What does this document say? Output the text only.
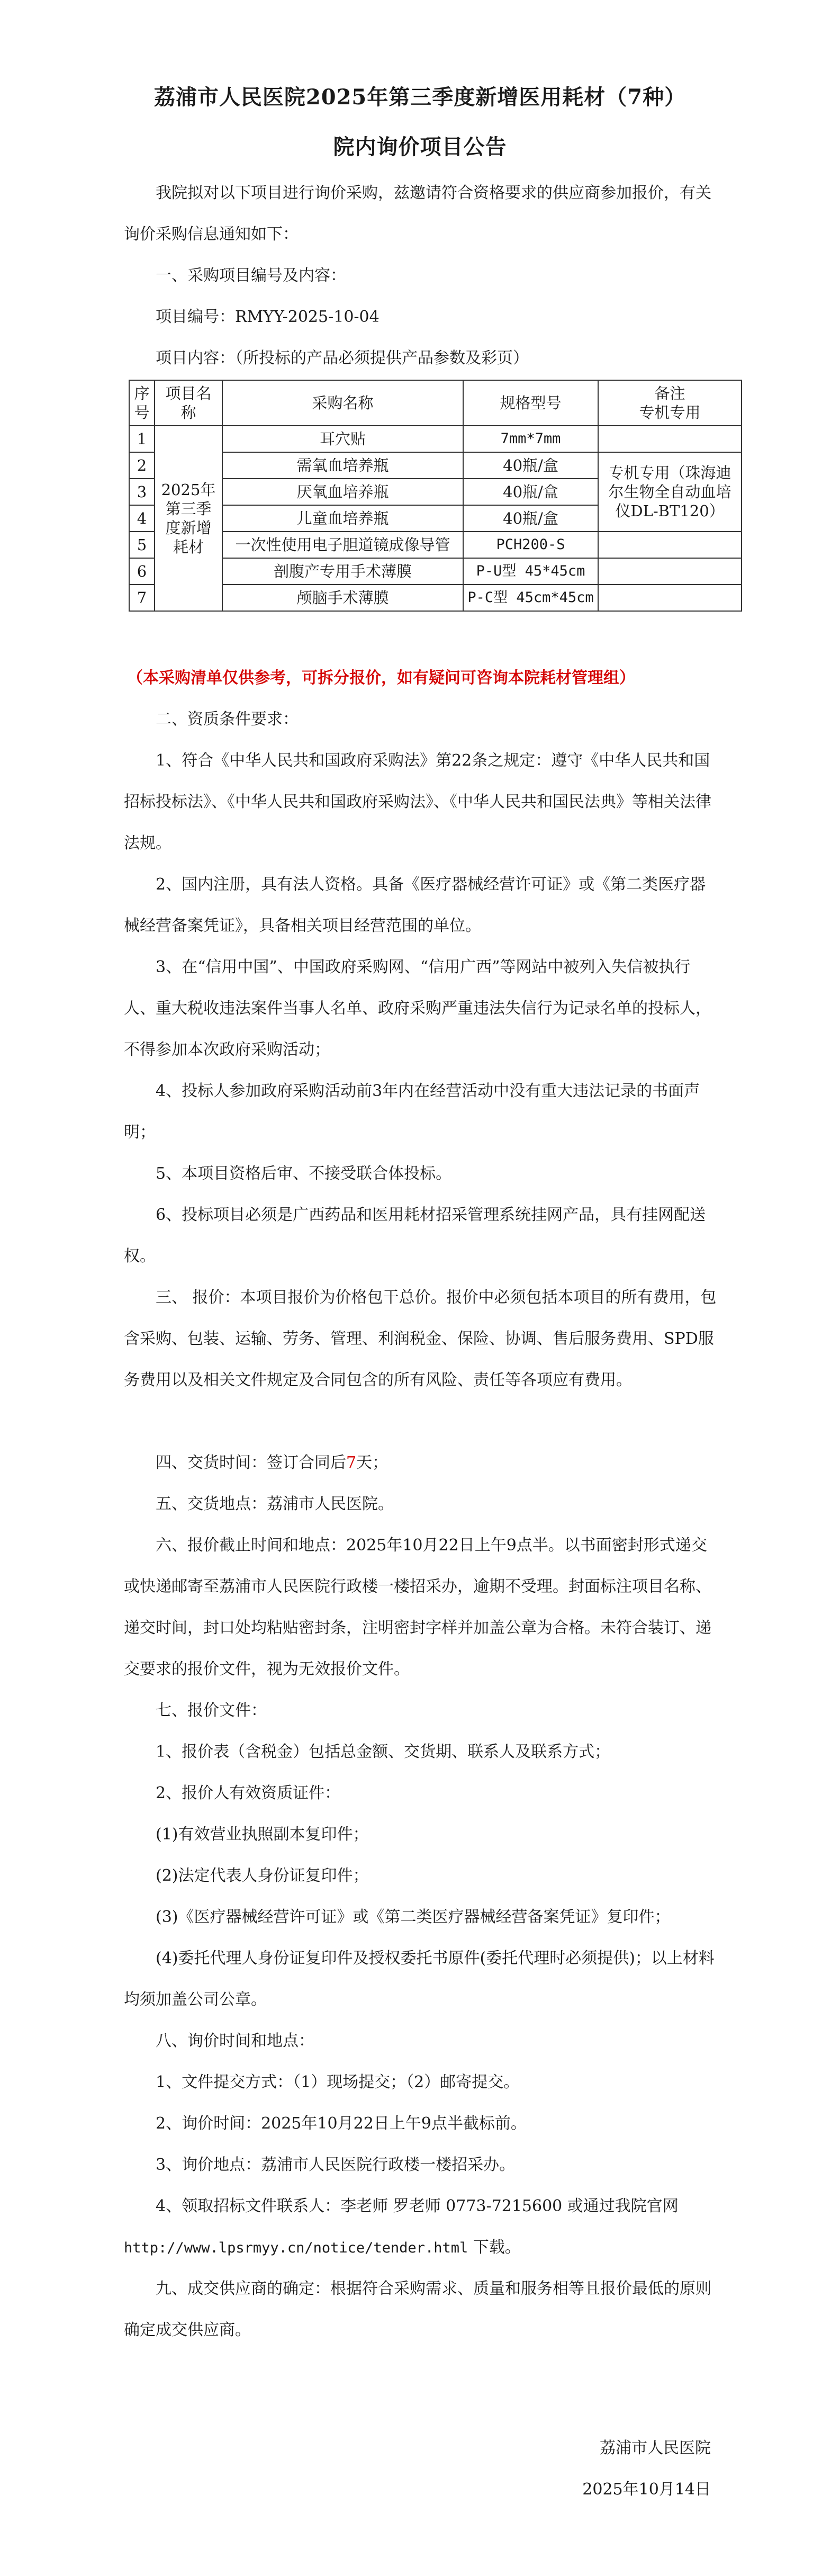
荔浦市人民医院2025年第三季度新增医用耗材（7种）
院内询价项目公告

我院拟对以下项目进行询价采购，兹邀请符合资格要求的供应商参加报价，有关询价采购信息通知如下：

一、采购项目编号及内容：

项目编号：RMYY-2025-10-04

项目内容：（所投标的产品必须提供产品参数及彩页）

序号	项目名称	采购名称	规格型号	备注
专机专用
1	2025年第三季度新增耗材	耳穴贴	7mm*7mm	
2		需氧血培养瓶	40瓶/盒	专机专用（珠海迪尔生物全自动血培仪DL-BT120）
3		厌氧血培养瓶	40瓶/盒	
4		儿童血培养瓶	40瓶/盒	
5		一次性使用电子胆道镜成像导管	PCH200-S	
6		剖腹产专用手术薄膜	P-U型 45*45cm	
7		颅脑手术薄膜	P-C型 45cm*45cm	

（本采购清单仅供参考，可拆分报价，如有疑问可咨询本院耗材管理组）

二、资质条件要求：

1、符合《中华人民共和国政府采购法》第22条之规定：遵守《中华人民共和国招标投标法》、《中华人民共和国政府采购法》、《中华人民共和国民法典》等相关法律法规。

2、国内注册，具有法人资格。具备《医疗器械经营许可证》或《第二类医疗器械经营备案凭证》，具备相关项目经营范围的单位。

3、在“信用中国”、中国政府采购网、“信用广西”等网站中被列入失信被执行人、重大税收违法案件当事人名单、政府采购严重违法失信行为记录名单的投标人，不得参加本次政府采购活动；

4、投标人参加政府采购活动前3年内在经营活动中没有重大违法记录的书面声明；

5、本项目资格后审、不接受联合体投标。

6、投标项目必须是广西药品和医用耗材招采管理系统挂网产品，具有挂网配送权。

三、 报价：本项目报价为价格包干总价。报价中必须包括本项目的所有费用，包含采购、包装、运输、劳务、管理、利润税金、保险、协调、售后服务费用、SPD服务费用以及相关文件规定及合同包含的所有风险、责任等各项应有费用。

四、交货时间：签订合同后7天；

五、交货地点：荔浦市人民医院。

六、报价截止时间和地点：2025年10月22日上午9点半。以书面密封形式递交或快递邮寄至荔浦市人民医院行政楼一楼招采办，逾期不受理。封面标注项目名称、递交时间，封口处均粘贴密封条，注明密封字样并加盖公章为合格。未符合装订、递交要求的报价文件，视为无效报价文件。

七、报价文件：

1、报价表（含税金）包括总金额、交货期、联系人及联系方式；

2、报价人有效资质证件：

(1)有效营业执照副本复印件；

(2)法定代表人身份证复印件；

(3)《医疗器械经营许可证》或《第二类医疗器械经营备案凭证》复印件；

(4)委托代理人身份证复印件及授权委托书原件(委托代理时必须提供)；以上材料均须加盖公司公章。

八、询价时间和地点：

1、文件提交方式：（1）现场提交；（2）邮寄提交。

2、询价时间：2025年10月22日上午9点半截标前。

3、询价地点：荔浦市人民医院行政楼一楼招采办。

4、领取招标文件联系人：李老师 罗老师 0773-7215600 或通过我院官网http://www.lpsrmyy.cn/notice/tender.html 下载。

九、成交供应商的确定：根据符合采购需求、质量和服务相等且报价最低的原则确定成交供应商。

荔浦市人民医院
2025年10月14日
